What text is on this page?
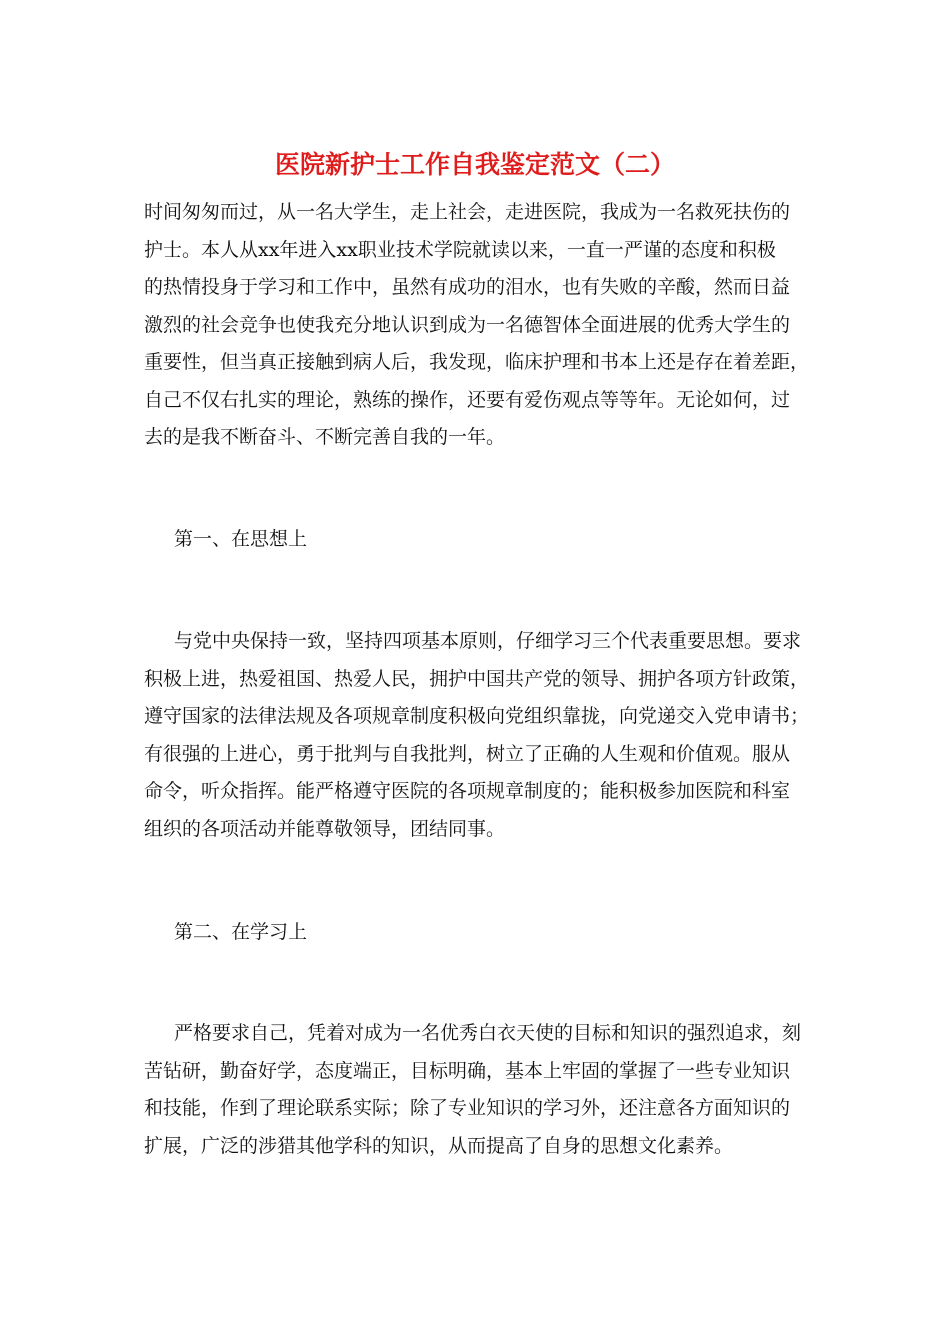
医院新护士工作自我鉴定范文（二）
时间匆匆而过，从一名大学生，走上社会，走进医院，我成为一名救死扶伤的
护士。本人从xx年进入xx职业技术学院就读以来，一直一严谨的态度和积极
的热情投身于学习和工作中，虽然有成功的泪水，也有失败的辛酸，然而日益
激烈的社会竞争也使我充分地认识到成为一名德智体全面进展的优秀大学生的
重要性，但当真正接触到病人后，我发现，临床护理和书本上还是存在着差距，
自己不仅右扎实的理论，熟练的操作，还要有爱伤观点等等年。无论如何，过
去的是我不断奋斗、不断完善自我的一年。
第一、在思想上
与党中央保持一致，坚持四项基本原则，仔细学习三个代表重要思想。要求
积极上进，热爱祖国、热爱人民，拥护中国共产党的领导、拥护各项方针政策，
遵守国家的法律法规及各项规章制度积极向党组织靠拢，向党递交入党申请书；
有很强的上进心，勇于批判与自我批判，树立了正确的人生观和价值观。服从
命令，听众指挥。能严格遵守医院的各项规章制度的；能积极参加医院和科室
组织的各项活动并能尊敬领导，团结同事。
第二、在学习上
严格要求自己，凭着对成为一名优秀白衣天使的目标和知识的强烈追求，刻
苦钻研，勤奋好学，态度端正，目标明确，基本上牢固的掌握了一些专业知识
和技能，作到了理论联系实际；除了专业知识的学习外，还注意各方面知识的
扩展，广泛的涉猎其他学科的知识，从而提高了自身的思想文化素养。
